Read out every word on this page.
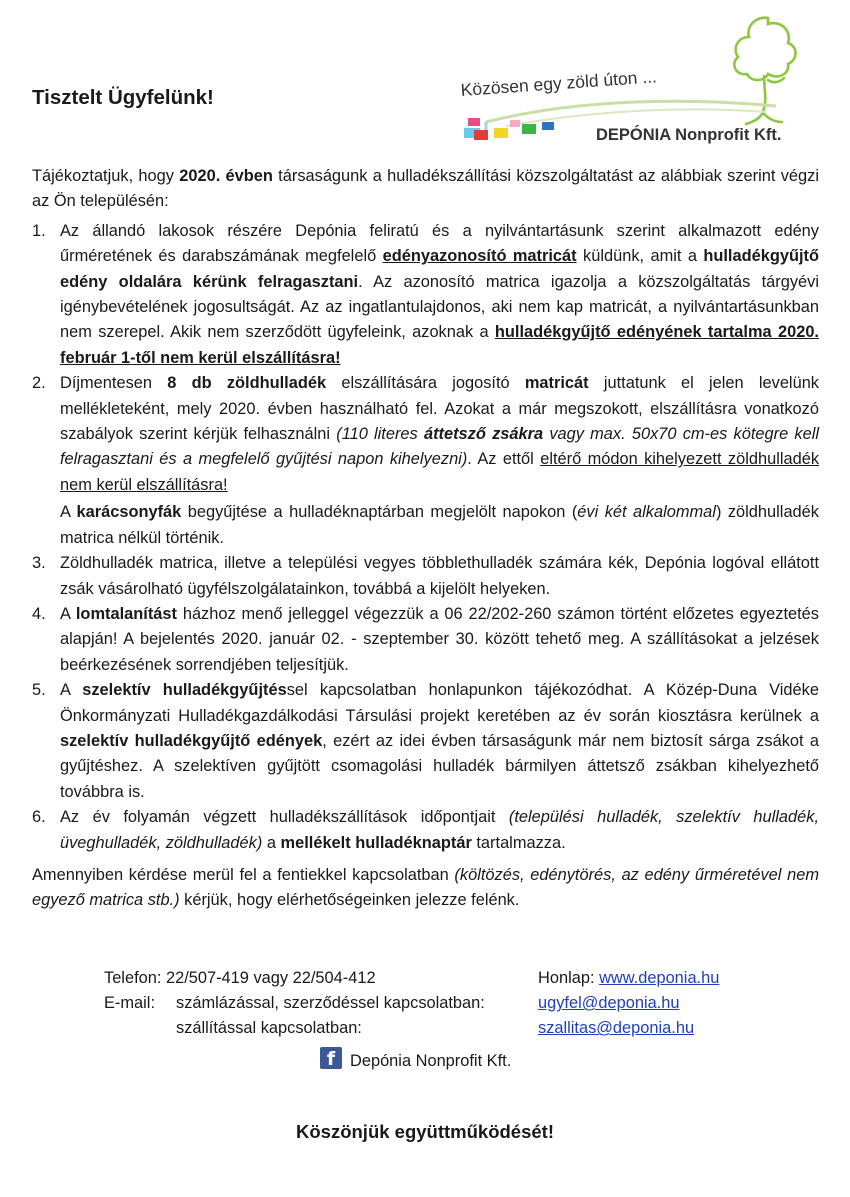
Tisztelt Ügyfelünk!	Közösen egy zöld úton ...
DEPÓNIA Nonprofit Kft.

Tájékoztatjuk, hogy 2020. évben társaságunk a hulladékszállítási közszolgáltatást az alábbiak szerint végzi az Ön településén:

1. Az állandó lakosok részére Depónia feliratú és a nyilvántartásunk szerint alkalmazott edény űrméretének és darabszámának megfelelő edényazonosító matricát küldünk, amit a hulladékgyűjtő edény oldalára kérünk felragasztani. Az azonosító matrica igazolja a közszolgáltatás tárgyévi igénybevételének jogosultságát. Az az ingatlantulajdonos, aki nem kap matricát, a nyilvántartásunkban nem szerepel. Akik nem szerződött ügyfeleink, azoknak a hulladékgyűjtő edényének tartalma 2020. február 1-től nem kerül elszállításra!
2. Díjmentesen 8 db zöldhulladék elszállítására jogosító matricát juttatunk el jelen levelünk mellékleteként, mely 2020. évben használható fel. Azokat a már megszokott, elszállításra vonatkozó szabályok szerint kérjük felhasználni (110 literes áttetsző zsákra vagy max. 50x70 cm-es kötegre kell felragasztani és a megfelelő gyűjtési napon kihelyezni). Az ettől eltérő módon kihelyezett zöldhulladék nem kerül elszállításra!

A karácsonyfák begyűjtése a hulladéknaptárban megjelölt napokon (évi két alkalommal) zöldhulladék matrica nélkül történik.

3. Zöldhulladék matrica, illetve a települési vegyes többlethulladék számára kék, Depónia logóval ellátott zsák vásárolható ügyfélszolgálatainkon, továbbá a kijelölt helyeken.
4. A lomtalanítást házhoz menő jelleggel végezzük a 06 22/202-260 számon történt előzetes egyeztetés alapján! A bejelentés 2020. január 02. - szeptember 30. között tehető meg. A szállításokat a jelzések beérkezésének sorrendjében teljesítjük.
5. A szelektív hulladékgyűjtéssel kapcsolatban honlapunkon tájékozódhat. A Közép-Duna Vidéke Önkormányzati Hulladékgazdálkodási Társulási projekt keretében az év során kiosztásra kerülnek a szelektív hulladékgyűjtő edények, ezért az idei évben társaságunk már nem biztosít sárga zsákot a gyűjtéshez. A szelektíven gyűjtött csomagolási hulladék bármilyen áttetsző zsákban kihelyezhető továbbra is.
6. Az év folyamán végzett hulladékszállítások időpontjait (települési hulladék, szelektív hulladék, üveghulladék, zöldhulladék) a mellékelt hulladéknaptár tartalmazza.

Amennyiben kérdése merül fel a fentiekkel kapcsolatban (költözés, edénytörés, az edény űrméretével nem egyező matrica stb.) kérjük, hogy elérhetőségeinken jelezze felénk.

Telefon: 22/507-419 vagy 22/504-412	Honlap: www.deponia.hu
E-mail: számlázással, szerződéssel kapcsolatban:	ugyfel@deponia.hu
szállítással kapcsolatban:	szallitas@deponia.hu
f Depónia Nonprofit Kft.

Köszönjük együttműködését!
